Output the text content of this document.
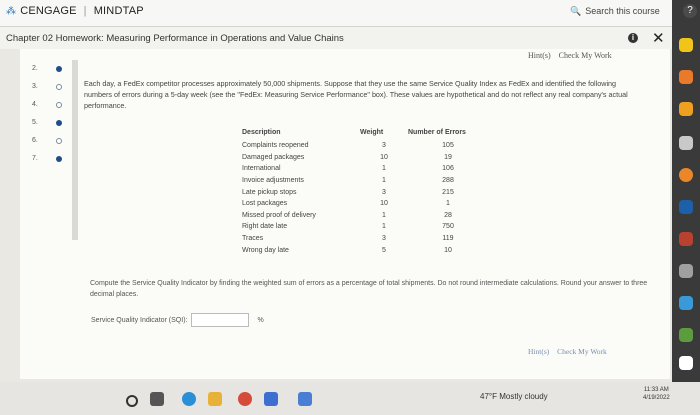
⁂ CENGAGE | MINDTAP	🔍 Search this course
Chapter 02 Homework: Measuring Performance in Operations and Value Chains	i ✕
Hint(s) Check My Work
2.
3.
4.
5.
6.
7.

Each day, a FedEx competitor processes approximately 50,000 shipments. Suppose that they use the same Service Quality Index as FedEx and identified the following numbers of errors during a 5-day week (see the "FedEx: Measuring Service Performance" box). These values are hypothetical and do not reflect any real company's actual performance.

Description	Weight	Number of Errors
Complaints reopened	3	105
Damaged packages	10	19
International	1	106
Invoice adjustments	1	288
Late pickup stops	3	215
Lost packages	10	1
Missed proof of delivery	1	28
Right date late	1	750
Traces	3	119
Wrong day late	5	10
Compute the Service Quality Indicator by finding the weighted sum of errors as a percentage of total shipments. Do not round intermediate calculations. Round your answer to three decimal places.
Service Quality Indicator (SQI):	%
Hint(s) Check My Work
?
47°F Mostly cloudy
11:33 AM
4/19/2022
